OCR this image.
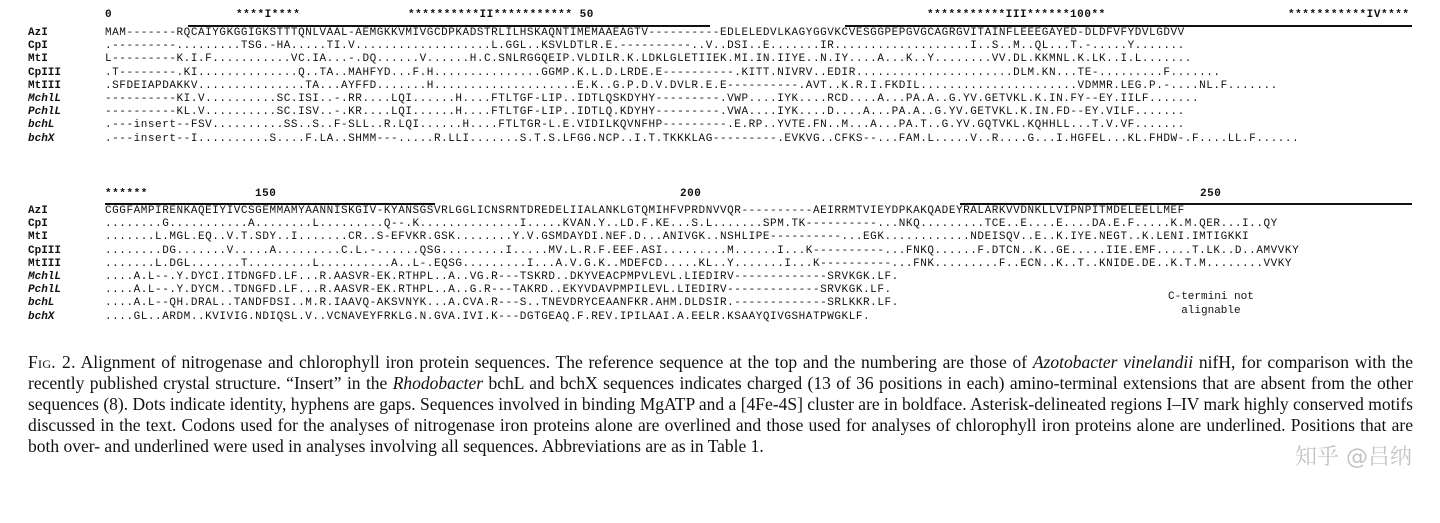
0	****I****	**********II*********** 50	***********III******100**	***********IV****
AzI	MAM-------RQCAIYGKGGIGKSTTTQNLVAAL-AEMGKKVMIVGCDPKADSTRLILHSKAQNTIMEMAAEAGTV----------EDLELEDVLKAGYGGVKCVESGGPEPGVGCAGRGVITAINFLEEEGAYED-DLDFVFYDVLGDVV
CpI	.---------.........TSG.-HA.....TI.V...................L.GGL..KSVLDTLR.E.----------..V..DSI..E.......IR...................I..S..M..QL...T.-.....Y.......
MtI	L---------K.I.F...........VC.IA...-.DQ......V......H.C.SNLRGGQEIP.VLDILR.K.LDKLGLETIIEK.MI.IN.IIYE..N.IY....A...K..Y........VV.DL.KKMNL.K.LK..I.L.......
CpIII	.T--------.KI..............Q..TA..MAHFYD...F.H...............GGMP.K.L.D.LRDE.E----------.KITT.NIVRV..EDIR......................DLM.KN...TE-.........F.......
MtIII	.SFDEIAPDAKKV...............TA...AYFFD.......H....................E.K..G.P.D.V.DVLR.E.E----------.AVT..K.R.I.FKDIL......................VDMMR.LEG.P.-....NL.F.......
MchlL	----------KI.V..........SC.ISI..-.RR....LQI......H....FTLTGF-LIP..IDTLQSKDYHY---------.VWP....IYK....RCD....A...PA.A..G.YV.GETVKL.K.IN.FY--EY.IILF.......
PchlL	----------KL.V..........SC.ISV..-.KR....LQI......H....FTLTGF-LIP..IDTLQ.KDYHY---------.VWA....IYK....D....A...PA.A..G.YV.GETVKL.K.IN.FD--EY.VILF.......
bchL	.---insert--FSV..........SS..S..F-SLL..R.LQI......H....FTLTGR-L.E.VIDILKQVNFHP---------.E.RP..YVTE.FN..M...A...PA.T..G.YV.GQTVKL.KQHHLL...T.V.VF.......
bchX	.---insert--I..........S....F.LA..SHMM---.....R.LLI.......S.T.S.LFGG.NCP..I.T.TKKKLAG---------.EVKVG..CFKS--...FAM.L.....V..R....G...I.HGFEL...KL.FHDW-.F....LL.F......
******	150	200	250
AzI	CGGFAMPIRENKAQEIYIVCSGEMMAMYAANNISKGIV-KYANSGSVRLGGLICNSRNTDREDELIIALANKLGTQMIHFVPRDNVVQR----------AEIRRMTVIEYDPKAKQADEYRALARKVVDNKLLVIPNPITMDELEELLMEF
CpI	........G...........A........L.........Q--.K..............I.....KVAN.Y..LD.F.KE...S.L.......SPM.TK----------...NKQ.........TCE..E....E....DA.E.F.....K.M.QER...I..QY
MtI	.......L.MGL.EQ..V.T.SDY..I.......CR..S-EFVKR.GSK........Y.V.GSMDAYDI.NEF.D...ANIVGK..NSHLIPE----------...EGK............NDEISQV..E..K.IYE.NEGT..K.LENI.IMTIGKKI
CpIII	........DG.......V.....A.........C.L.-......QSG.........I.....MV.L.R.F.EEF.ASI.........M......I...K----------...FNKQ......F.DTCN..K..GE.....IIE.EMF.....T.LK..D..AMVVKY
MtIII	.......L.DGL.......T.........L..........A..L-.EQSG.........I...A.V.G.K..MDEFCD.....KL..Y.......I...K----------...FNK.........F..ECN..K..T..KNIDE.DE..K.T.M........VVKY
MchlL	....A.L--.Y.DYCI.ITDNGFD.LF...R.AASVR-EK.RTHPL..A..VG.R---TSKRD..DKYVEACPMPVLEVL.LIEDIRV-------------SRVKGK.LF.
PchlL	....A.L--.Y.DYCM..TDNGFD.LF...R.AASVR-EK.RTHPL..A..G.R---TAKRD..EKYVDAVPMPILEVL.LIEDIRV-------------SRVKGK.LF.
bchL	....A.L--QH.DRAL..TANDFDSI..M.R.IAAVQ-AKSVNYK...A.CVA.R---S..TNEVDRYCEAANFKR.AHM.DLDSIR.-------------SRLKKR.LF.
bchX	....GL..ARDM..KVIVIG.NDIQSL.V..VCNAVEYFRKLG.N.GVA.IVI.K---DGTGEAQ.F.REV.IPILAAI.A.EELR.KSAAYQIVGSHATPWGKLF.
C-termini not
alignable
Fig. 2. Alignment of nitrogenase and chlorophyll iron protein sequences. The reference sequence at the top and the numbering are those of Azotobacter vinelandii nifH, for comparison with the recently published crystal structure. “Insert” in the Rhodobacter bchL and bchX sequences indicates charged (13 of 36 positions in each) amino-terminal extensions that are absent from the other sequences (8). Dots indicate identity, hyphens are gaps. Sequences involved in binding MgATP and a [4Fe-4S] cluster are in boldface. Asterisk-delineated regions I–IV mark highly conserved motifs discussed in the text. Codons used for the analyses of nitrogenase iron proteins alone are overlined and those used for analyses of chlorophyll iron proteins alone are underlined. Positions that are both over- and underlined were used in analyses involving all sequences. Abbreviations are as in Table 1.	知乎 @吕纳
